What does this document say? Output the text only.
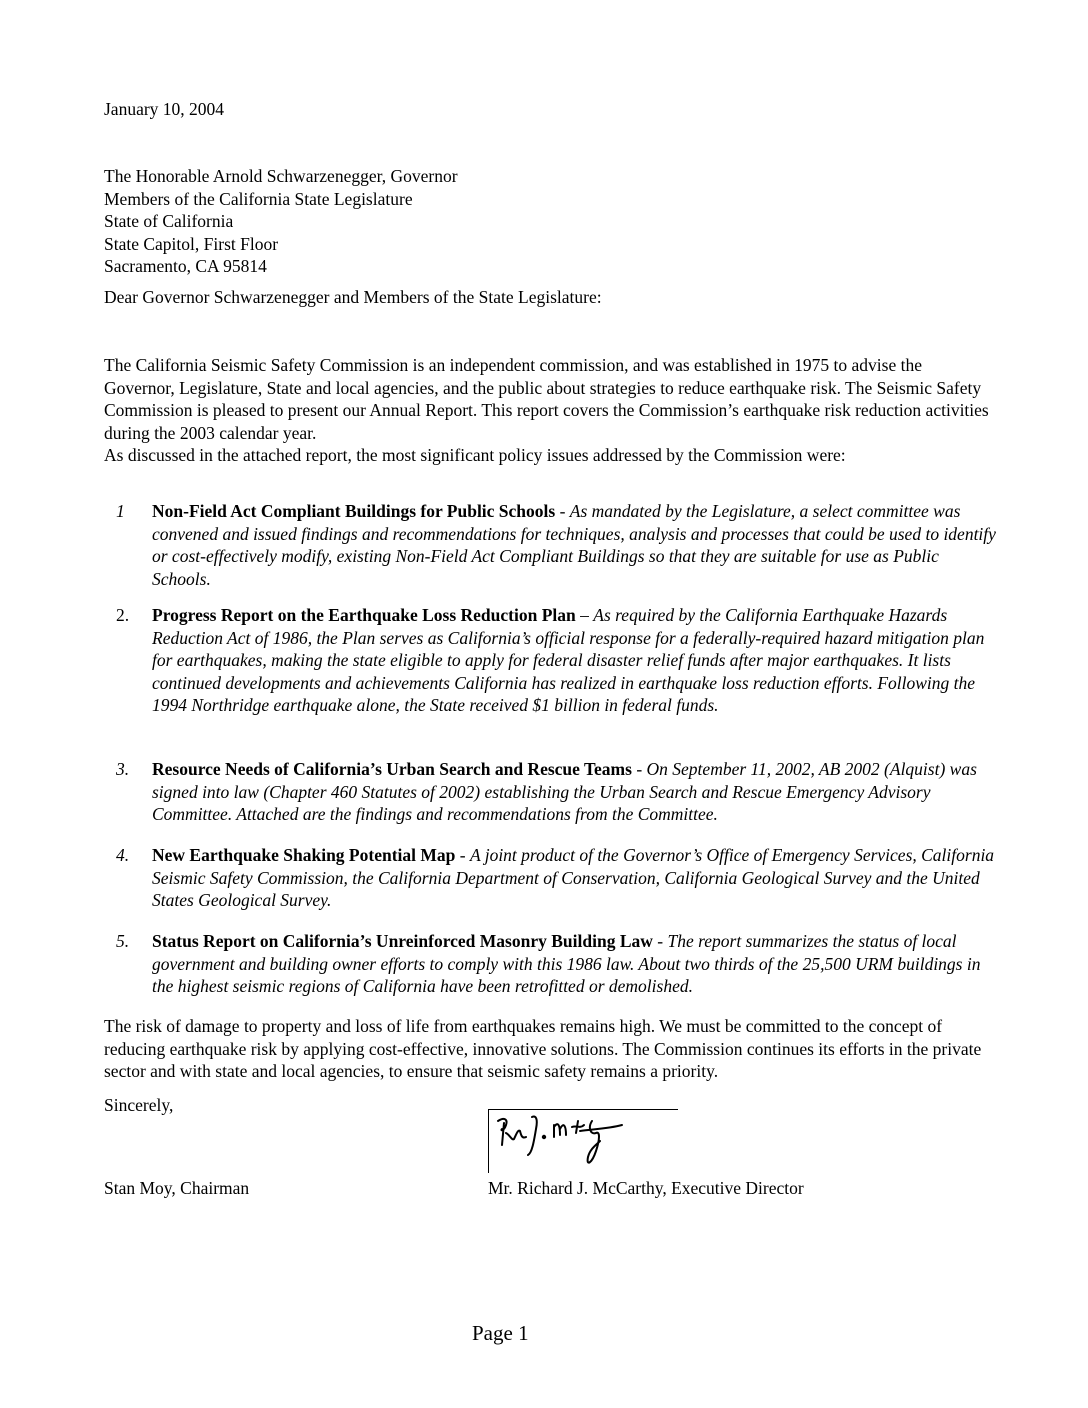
January 10, 2004
The Honorable Arnold Schwarzenegger, Governor
Members of the California State Legislature
State of California
State Capitol, First Floor
Sacramento, CA 95814
Dear Governor Schwarzenegger and Members of the State Legislature:
The California Seismic Safety Commission is an independent commission, and was established in 1975 to advise the Governor, Legislature, State and local agencies, and the public about strategies to reduce earthquake risk. The Seismic Safety Commission is pleased to present our Annual Report. This report covers the Commission’s earthquake risk reduction activities during the 2003 calendar year.
As discussed in the attached report, the most significant policy issues addressed by the Commission were:
1	Non-Field Act Compliant Buildings for Public Schools - As mandated by the Legislature, a select committee was convened and issued findings and recommendations for techniques, analysis and processes that could be used to identify or cost-effectively modify, existing Non-Field Act Compliant Buildings so that they are suitable for use as Public Schools.
2.	Progress Report on the Earthquake Loss Reduction Plan – As required by the California Earthquake Hazards Reduction Act of 1986, the Plan serves as California’s official response for a federally-required hazard mitigation plan for earthquakes, making the state eligible to apply for federal disaster relief funds after major earthquakes. It lists continued developments and achievements California has realized in earthquake loss reduction efforts. Following the 1994 Northridge earthquake alone, the State received $1 billion in federal funds.
3.	Resource Needs of California’s Urban Search and Rescue Teams - On September 11, 2002, AB 2002 (Alquist) was signed into law (Chapter 460 Statutes of 2002) establishing the Urban Search and Rescue Emergency Advisory Committee. Attached are the findings and recommendations from the Committee.
4.	New Earthquake Shaking Potential Map - A joint product of the Governor’s Office of Emergency Services, California Seismic Safety Commission, the California Department of Conservation, California Geological Survey and the United States Geological Survey.
5.	Status Report on California’s Unreinforced Masonry Building Law - The report summarizes the status of local government and building owner efforts to comply with this 1986 law. About two thirds of the 25,500 URM buildings in the highest seismic regions of California have been retrofitted or demolished.
The risk of damage to property and loss of life from earthquakes remains high. We must be committed to the concept of reducing earthquake risk by applying cost-effective, innovative solutions. The Commission continues its efforts in the private sector and with state and local agencies, to ensure that seismic safety remains a priority.
Sincerely,
Stan Moy, Chairman	Mr. Richard J. McCarthy, Executive Director
Page 1
